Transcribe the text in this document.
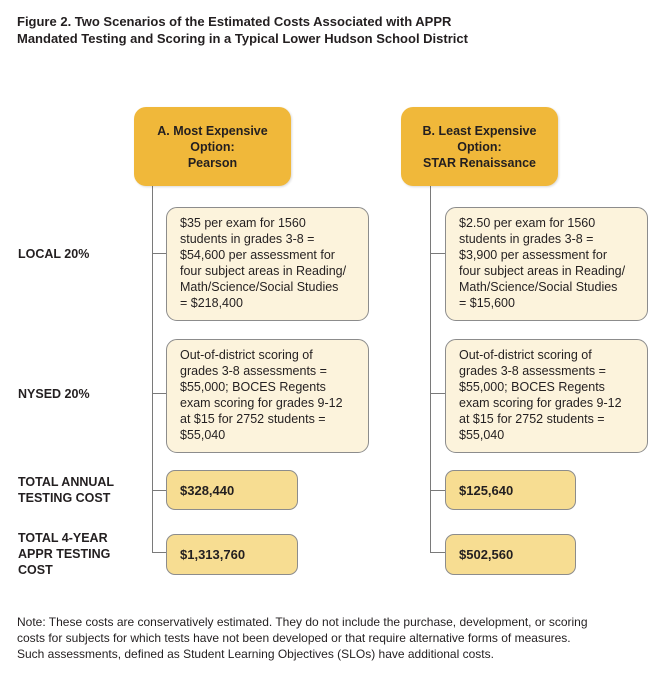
Figure 2. Two Scenarios of the Estimated Costs Associated with APPR
Mandated Testing and Scoring in a Typical Lower Hudson School District
LOCAL 20%
NYSED 20%
TOTAL ANNUAL
TESTING COST
TOTAL 4-YEAR
APPR TESTING
COST
A. Most Expensive
Option:
Pearson
B. Least Expensive
Option:
STAR Renaissance
$35 per exam for 1560
students in grades 3-8 =
$54,600 per assessment for
four subject areas in Reading/
Math/Science/Social Studies
= $218,400
$2.50 per exam for 1560
students in grades 3-8 =
$3,900 per assessment for
four subject areas in Reading/
Math/Science/Social Studies
= $15,600
Out-of-district scoring of
grades 3-8 assessments =
$55,000; BOCES Regents
exam scoring for grades 9-12
at $15 for 2752 students =
$55,040
Out-of-district scoring of
grades 3-8 assessments =
$55,000; BOCES Regents
exam scoring for grades 9-12
at $15 for 2752 students =
$55,040
$328,440
$1,313,760
$125,640
$502,560
Note: These costs are conservatively estimated. They do not include the purchase, development, or scoring
costs for subjects for which tests have not been developed or that require alternative forms of measures.
Such assessments, defined as Student Learning Objectives (SLOs) have additional costs.
